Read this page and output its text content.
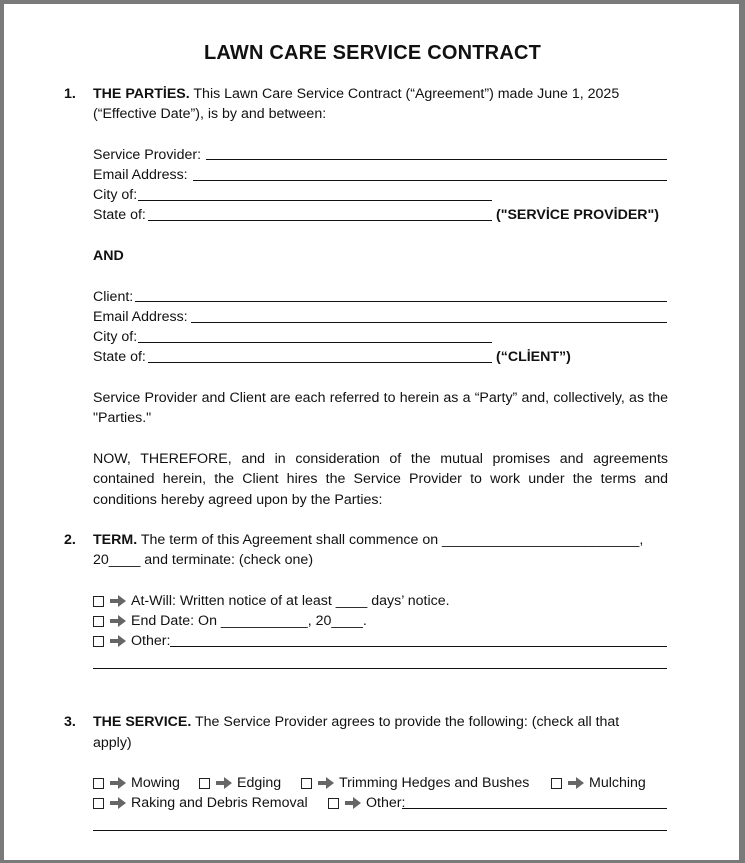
LAWN CARE SERVICE CONTRACT
1. THE PARTİES. This Lawn Care Service Contract (“Agreement”) made June 1, 2025
(“Effective Date”), is by and between:
Service Provider:
Email Address:
City of:
State of:	("SERVİCE PROVİDER")
AND
Client:
Email Address:
City of:
State of:	(“CLİENT”)
Service Provider and Client are each referred to herein as a “Party” and, collectively, as the "Parties."
NOW, THEREFORE, and in consideration of the mutual promises and agreements contained herein, the Client hires the Service Provider to work under the terms and conditions hereby agreed upon by the Parties:
2. TERM. The term of this Agreement shall commence on _________________________,
20____ and terminate: (check one)
At-Will: Written notice of at least ____ days’ notice.
End Date: On ___________, 20____.
Other:
3. THE SERVICE. The Service Provider agrees to provide the following: (check all that
apply)
Mowing	Edging	Trimming Hedges and Bushes	Mulching
Raking and Debris Removal	Other:
